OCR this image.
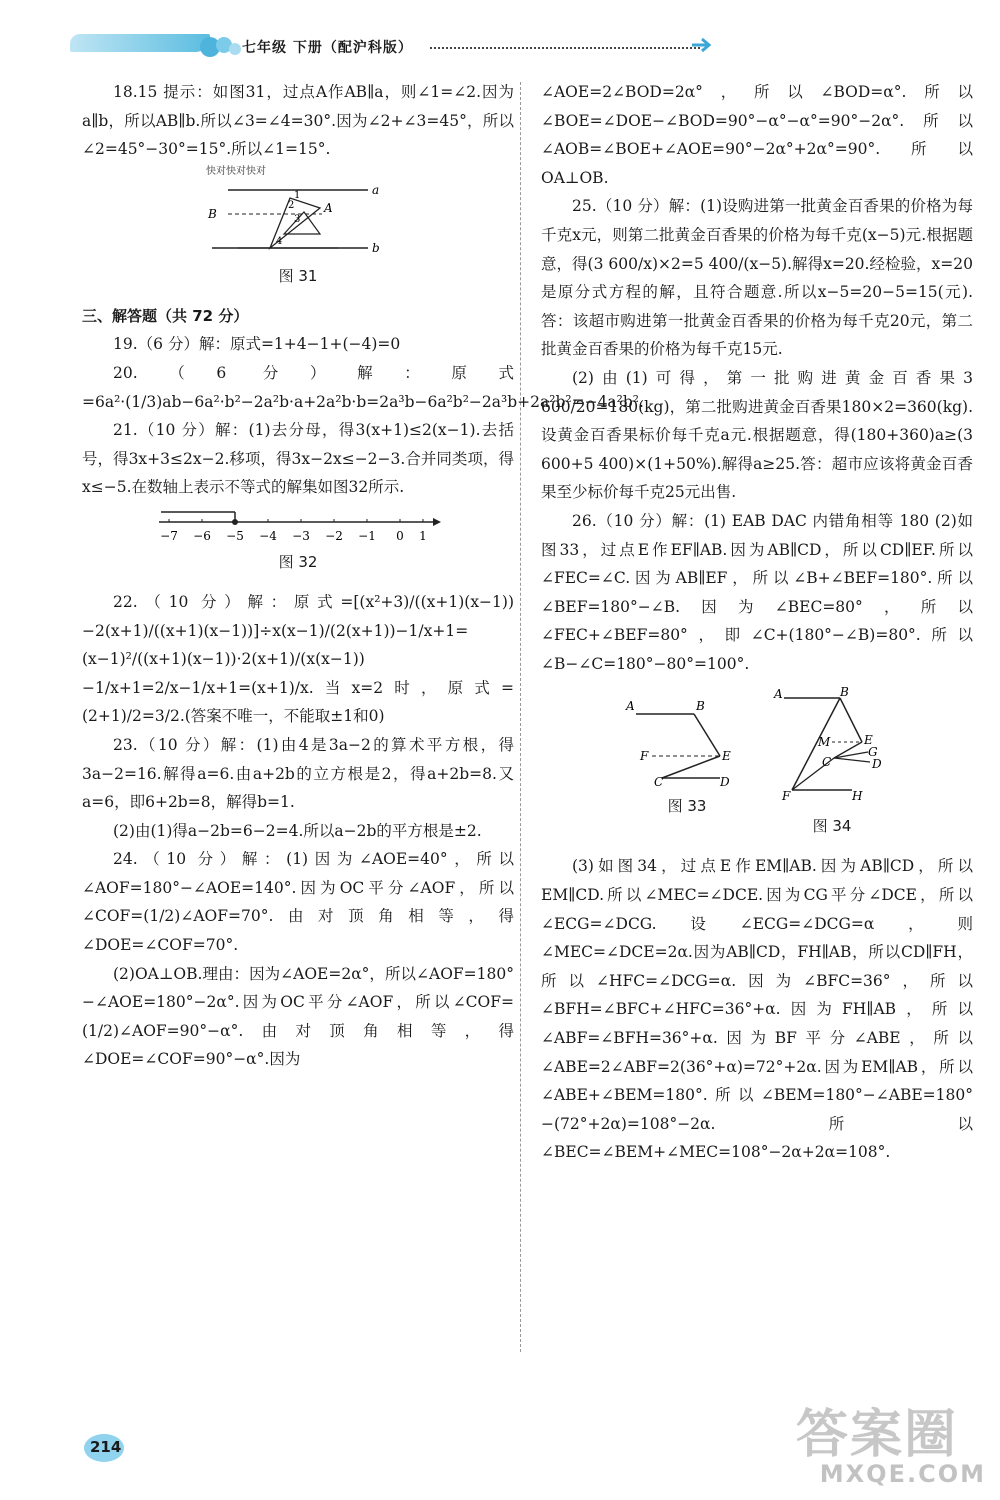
七年级 下册（配沪科版）

18.15 提示：如图31，过点A作AB∥a，则∠1=∠2.因为a∥b，所以AB∥b.所以∠3=∠4=30°.因为∠2+∠3=45°，所以∠2=45°−30°=15°.所以∠1=15°.

快对快对快对
a
b
B	A
1
2
3
4
图 31

三、解答题（共 72 分）

19.（6 分）解：原式=1+4−1+(−4)=0

20.（6 分）解：原式=6a²·(1/3)ab−6a²·b²−2a²b·a+2a²b·b=2a³b−6a²b²−2a³b+2a²b²=−4a²b².

21.（10 分）解：(1)去分母，得3(x+1)≤2(x−1).去括号，得3x+3≤2x−2.移项，得3x−2x≤−2−3.合并同类项，得x≤−5.在数轴上表示不等式的解集如图32所示.

−7 −6 −5 −4 −3 −2 −1 0 1
图 32

22.（10 分）解：原式=[(x²+3)/((x+1)(x−1))−2(x+1)/((x+1)(x−1))]÷x(x−1)/(2(x+1))−1/x+1=(x−1)²/((x+1)(x−1))·2(x+1)/(x(x−1))−1/x+1=2/x−1/x+1=(x+1)/x.当x=2时，原式=(2+1)/2=3/2.(答案不唯一，不能取±1和0)

23.（10 分）解：(1)由4是3a−2的算术平方根，得3a−2=16.解得a=6.由a+2b的立方根是2，得a+2b=8.又a=6，即6+2b=8，解得b=1.

(2)由(1)得a−2b=6−2=4.所以a−2b的平方根是±2.

24.（10 分）解：(1)因为∠AOE=40°，所以∠AOF=180°−∠AOE=140°.因为OC平分∠AOF，所以∠COF=(1/2)∠AOF=70°.由对顶角相等，得∠DOE=∠COF=70°.

(2)OA⊥OB.理由：因为∠AOE=2α°，所以∠AOF=180°−∠AOE=180°−2α°.因为OC平分∠AOF，所以∠COF=(1/2)∠AOF=90°−α°.由对顶角相等，得∠DOE=∠COF=90°−α°.因为

∠AOE=2∠BOD=2α°，所以∠BOD=α°.所以∠BOE=∠DOE−∠BOD=90°−α°−α°=90°−2α°.所以∠AOB=∠BOE+∠AOE=90°−2α°+2α°=90°.所以OA⊥OB.

25.（10 分）解：(1)设购进第一批黄金百香果的价格为每千克x元，则第二批黄金百香果的价格为每千克(x−5)元.根据题意，得(3 600/x)×2=5 400/(x−5).解得x=20.经检验，x=20是原分式方程的解，且符合题意.所以x−5=20−5=15(元).答：该超市购进第一批黄金百香果的价格为每千克20元，第二批黄金百香果的价格为每千克15元.

(2)由(1)可得，第一批购进黄金百香果3 600/20=180(kg)，第二批购进黄金百香果180×2=360(kg).设黄金百香果标价每千克a元.根据题意，得(180+360)a≥(3 600+5 400)×(1+50%).解得a≥25.答：超市应该将黄金百香果至少标价每千克25元出售.

26.（10 分）解：(1) EAB DAC 内错角相等 180 (2)如图33，过点E作EF∥AB.因为AB∥CD，所以CD∥EF.所以∠FEC=∠C.因为AB∥EF，所以∠B+∠BEF=180°.所以∠BEF=180°−∠B.因为∠BEC=80°，所以∠FEC+∠BEF=80°，即∠C+(180°−∠B)=80°.所以∠B−∠C=180°−80°=100°.

A	B
F	E
C	D
图 33
A	B
M	E
G
C	D
F	H
图 34

(3)如图34，过点E作EM∥AB.因为AB∥CD，所以EM∥CD.所以∠MEC=∠DCE.因为CG平分∠DCE，所以∠ECG=∠DCG.设∠ECG=∠DCG=α，则∠MEC=∠DCE=2α.因为AB∥CD，FH∥AB，所以CD∥FH，所以∠HFC=∠DCG=α.因为∠BFC=36°，所以∠BFH=∠BFC+∠HFC=36°+α.因为FH∥AB，所以∠ABF=∠BFH=36°+α.因为BF平分∠ABE，所以∠ABE=2∠ABF=2(36°+α)=72°+2α.因为EM∥AB，所以∠ABE+∠BEM=180°.所以∠BEM=180°−∠ABE=180°−(72°+2α)=108°−2α.所以∠BEC=∠BEM+∠MEC=108°−2α+2α=108°.

214	答案圈
MXQE.COM
